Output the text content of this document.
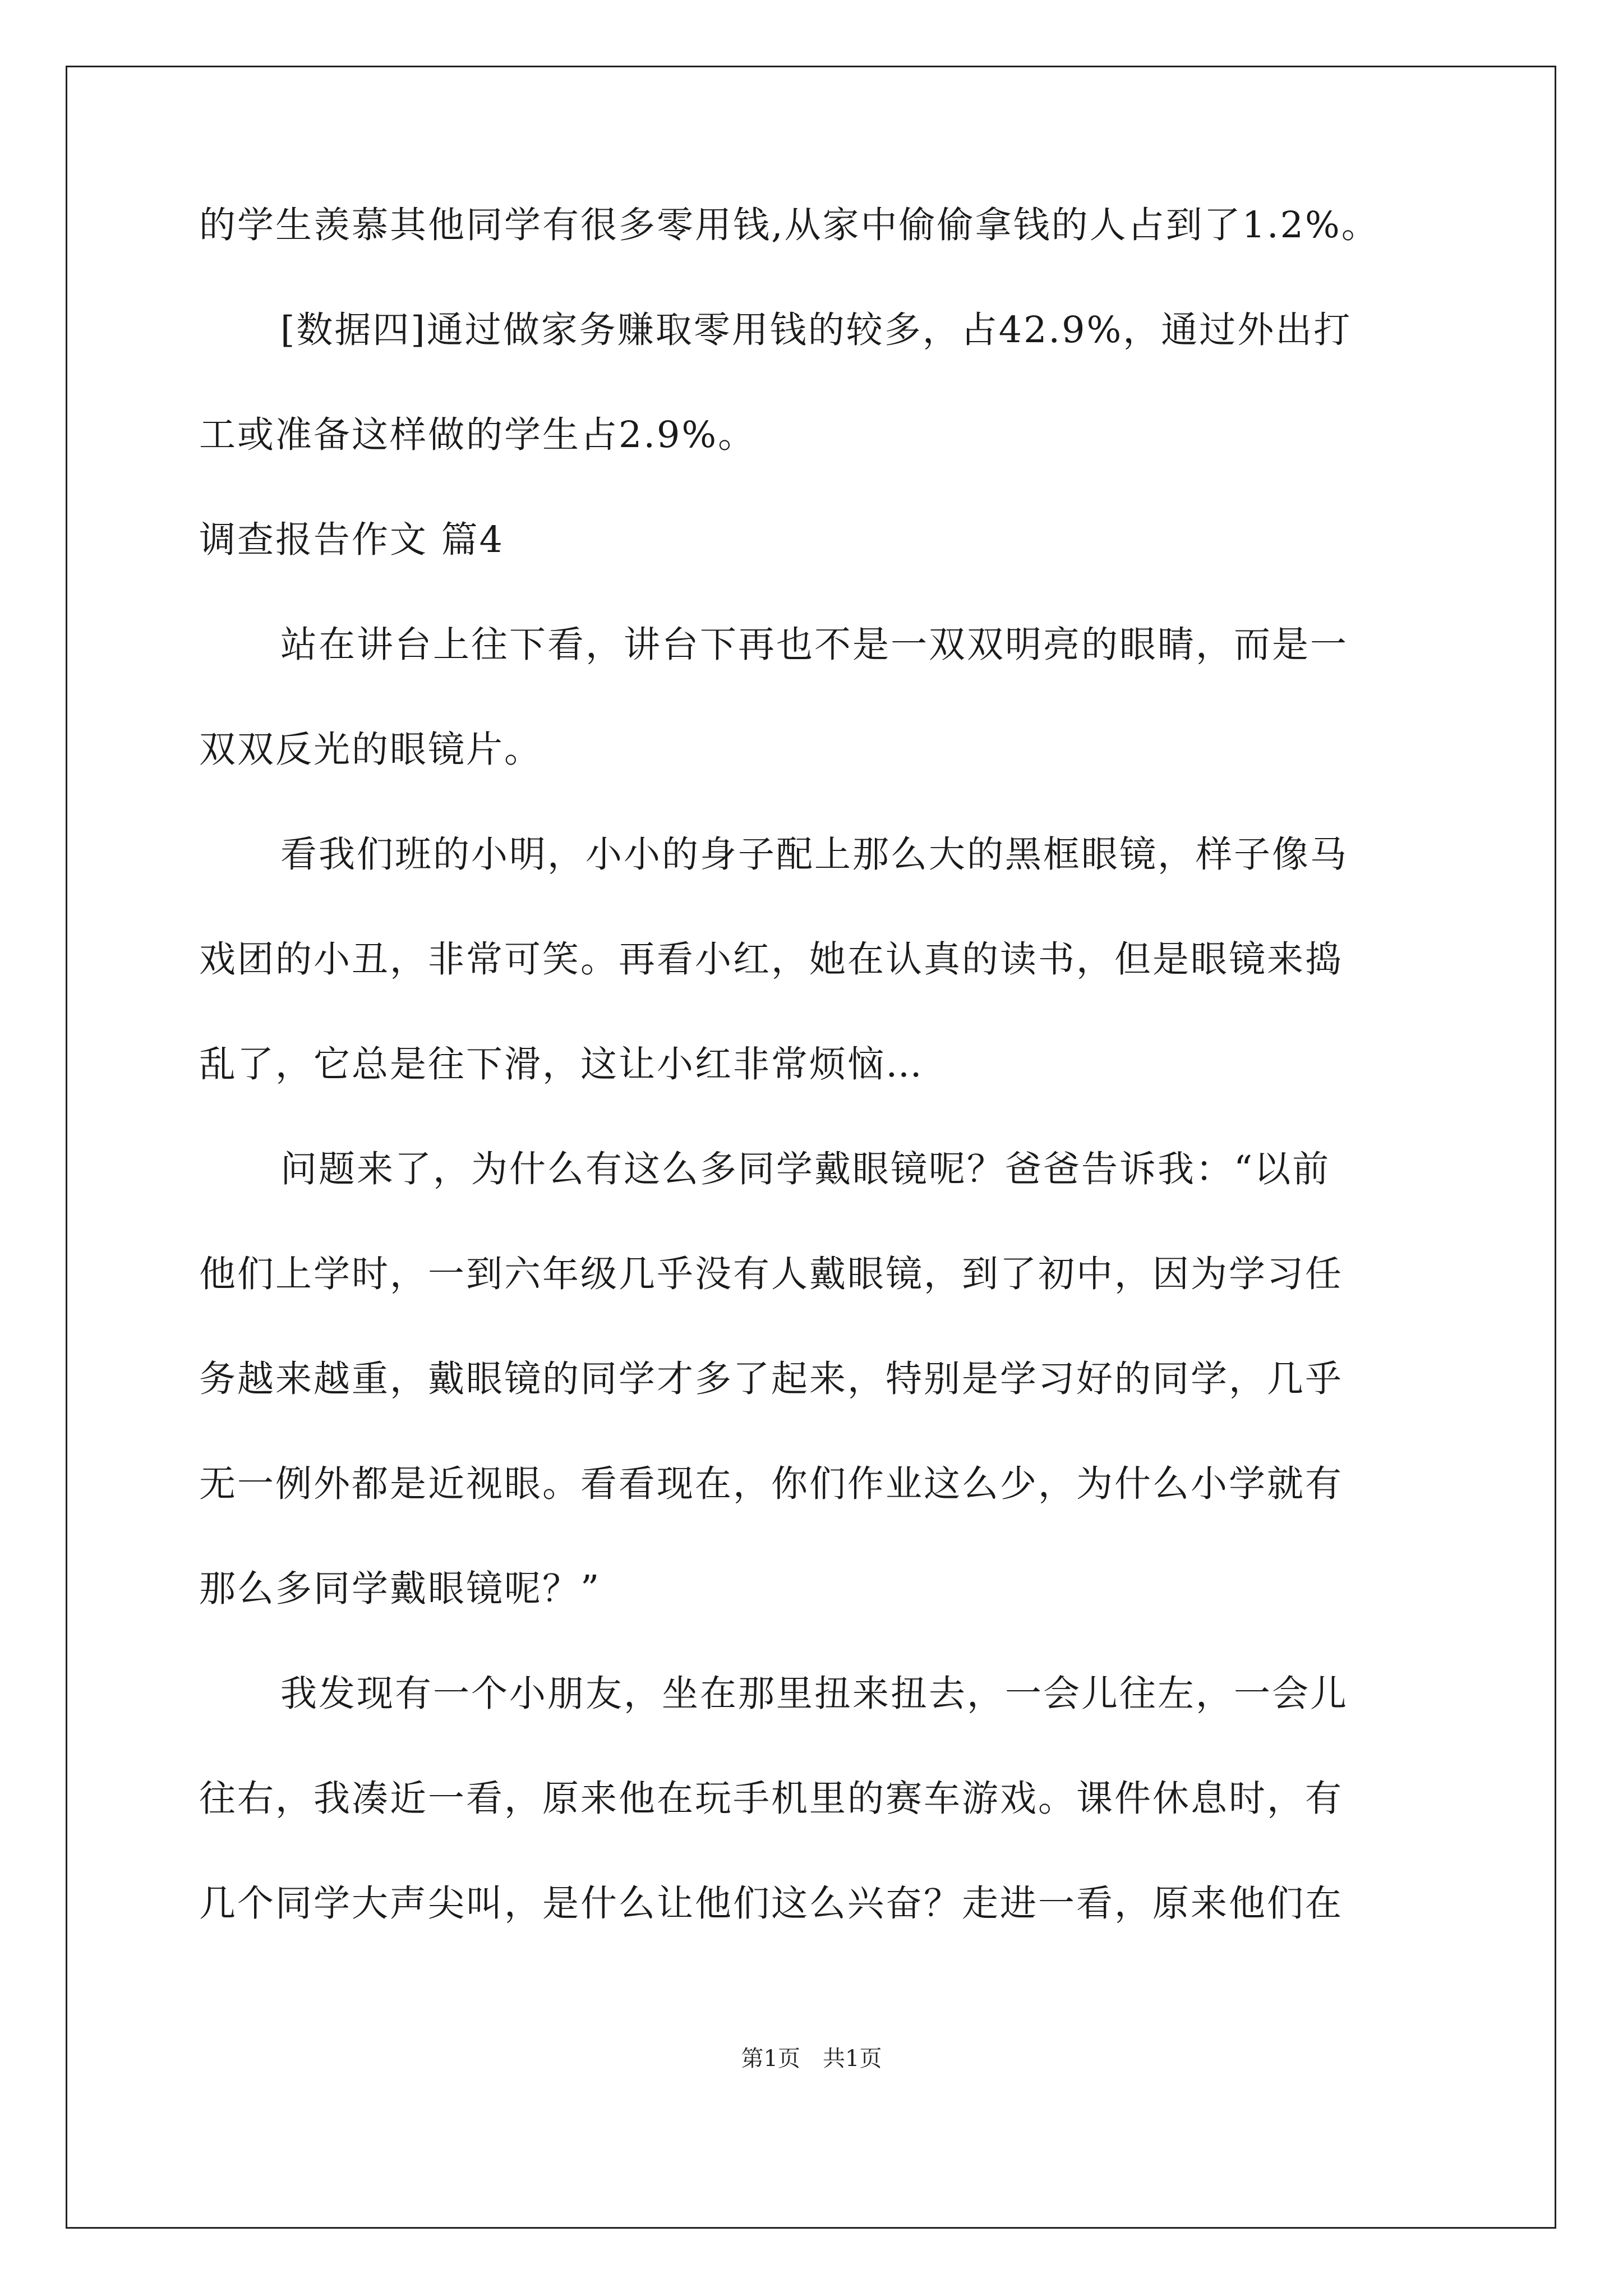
的学生羡慕其他同学有很多零用钱,从家中偷偷拿钱的人占到了1.2%。
[数据四]通过做家务赚取零用钱的较多，占42.9%，通过外出打
工或准备这样做的学生占2.9%。
调查报告作文 篇4
站在讲台上往下看，讲台下再也不是一双双明亮的眼睛，而是一
双双反光的眼镜片。
看我们班的小明，小小的身子配上那么大的黑框眼镜，样子像马
戏团的小丑，非常可笑。再看小红，她在认真的读书，但是眼镜来捣
乱了，它总是往下滑，这让小红非常烦恼…
问题来了，为什么有这么多同学戴眼镜呢？爸爸告诉我：“以前
他们上学时，一到六年级几乎没有人戴眼镜，到了初中，因为学习任
务越来越重，戴眼镜的同学才多了起来，特别是学习好的同学，几乎
无一例外都是近视眼。看看现在，你们作业这么少，为什么小学就有
那么多同学戴眼镜呢？”
我发现有一个小朋友，坐在那里扭来扭去，一会儿往左，一会儿
往右，我凑近一看，原来他在玩手机里的赛车游戏。课件休息时，有
几个同学大声尖叫，是什么让他们这么兴奋？走进一看，原来他们在
第1页　共1页
